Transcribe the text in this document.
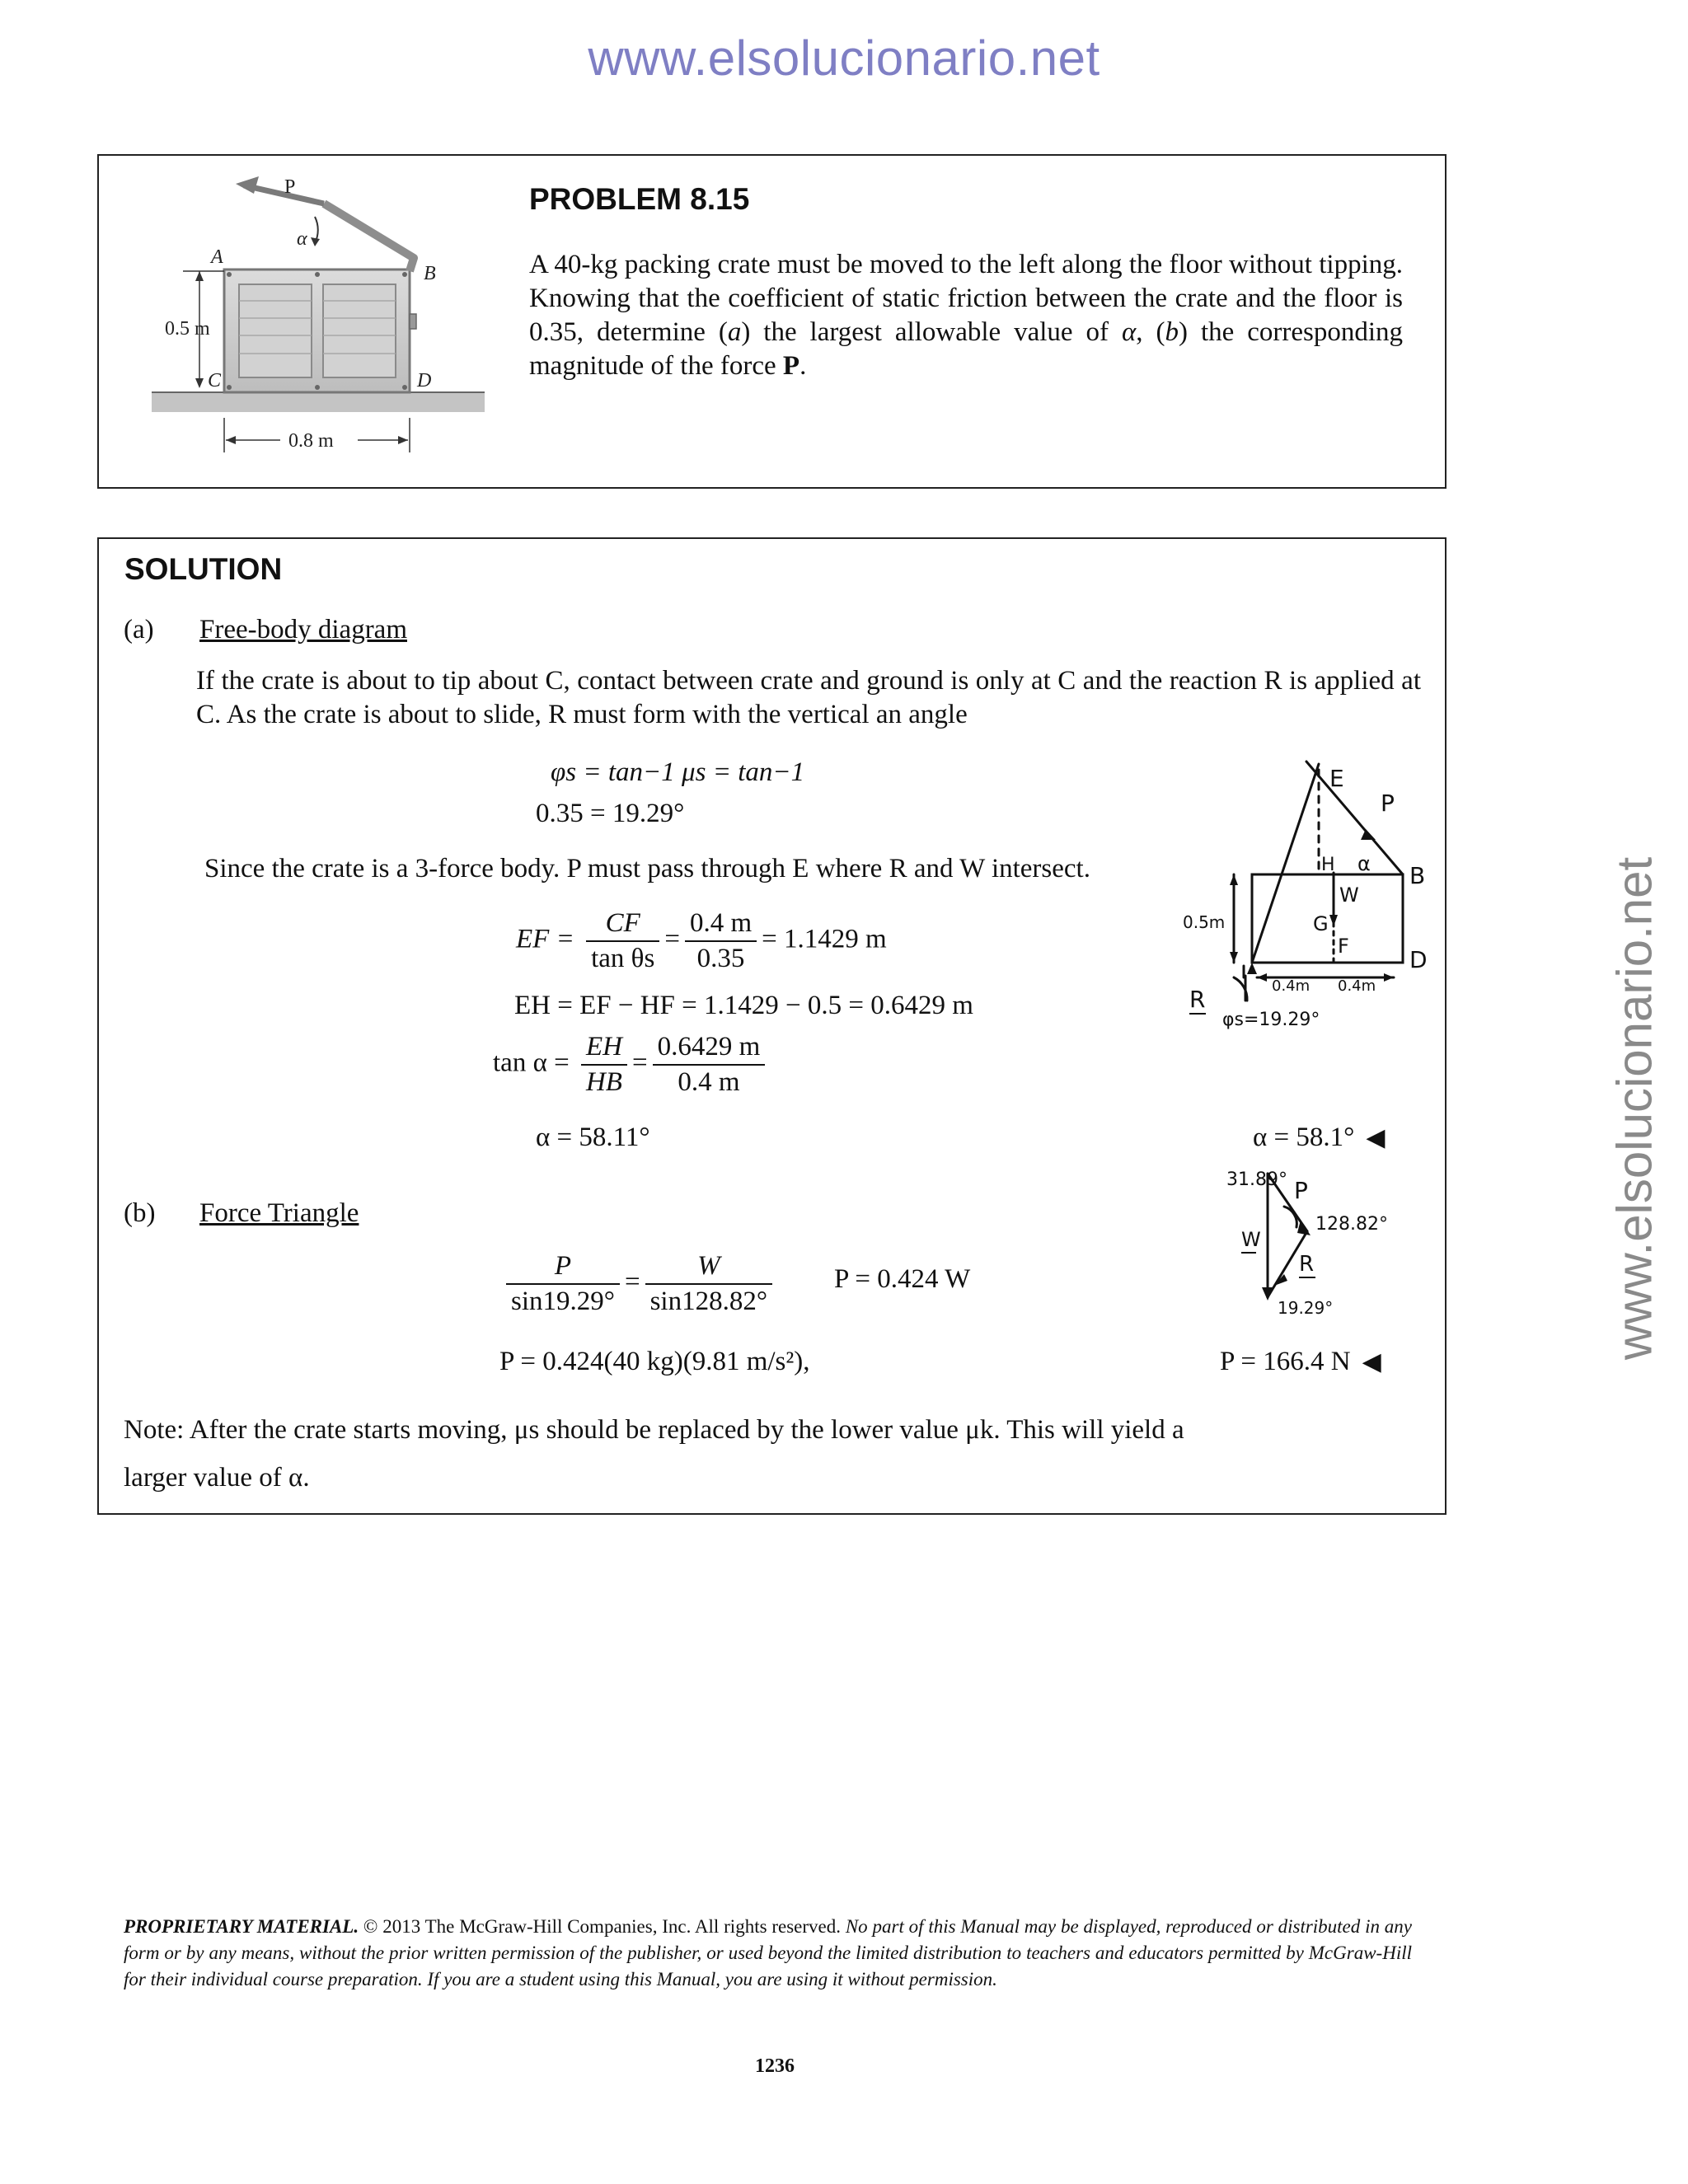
www.elsolucionario.net
www.elsolucionario.net
P
α
A
B
C	D
0.5 m
0.8 m
PROBLEM 8.15
A 40-kg packing crate must be moved to the left along the floor without tipping. Knowing that the coefficient of static friction between the crate and the floor is 0.35, determine (a) the largest allowable value of α, (b) the corresponding magnitude of the force P.
SOLUTION
(a) Free-body diagram
If the crate is about to tip about C, contact between crate and ground is only at C and the reaction R is applied at C. As the crate is about to slide, R must form with the vertical an angle
φs = tan−1 μs = tan−1
0.35 = 19.29°
Since the crate is a 3-force body. P must pass through E where R and W intersect.
EF = $\frac{CF}{\text{tan θs}} = \frac{0.4 m}{0.35} = 1.1429$ m
EH = EF − HF = 1.1429 − 0.5 = 0.6429 m
$\tan \alpha = \frac{EH}{HB} = \frac{0.6429 m}{0.4 m}$
α = 58.11°	α = 58.1° ◀
(b) Force Triangle
$\frac{P}{\sin 19.29^\circ} = \frac{W}{\sin 128.82^\circ}$ P = 0.424 W
P = 0.424(40 kg)(9.81 m/s²),	P = 166.4 N ◀
Note: After the crate starts moving, μs should be replaced by the lower value μk. This will yield a larger value of α.
E
P
H α B
W
G
F	D
0.5m
0.4m 0.4m
R
φs=19.29°
31.89° P
128.82°
W
R
19.29°
PROPRIETARY MATERIAL. © 2013 The McGraw-Hill Companies, Inc. All rights reserved. No part of this Manual may be displayed, reproduced or distributed in any form or by any means, without the prior written permission of the publisher, or used beyond the limited distribution to teachers and educators permitted by McGraw-Hill for their individual course preparation. If you are a student using this Manual, you are using it without permission.
1236
